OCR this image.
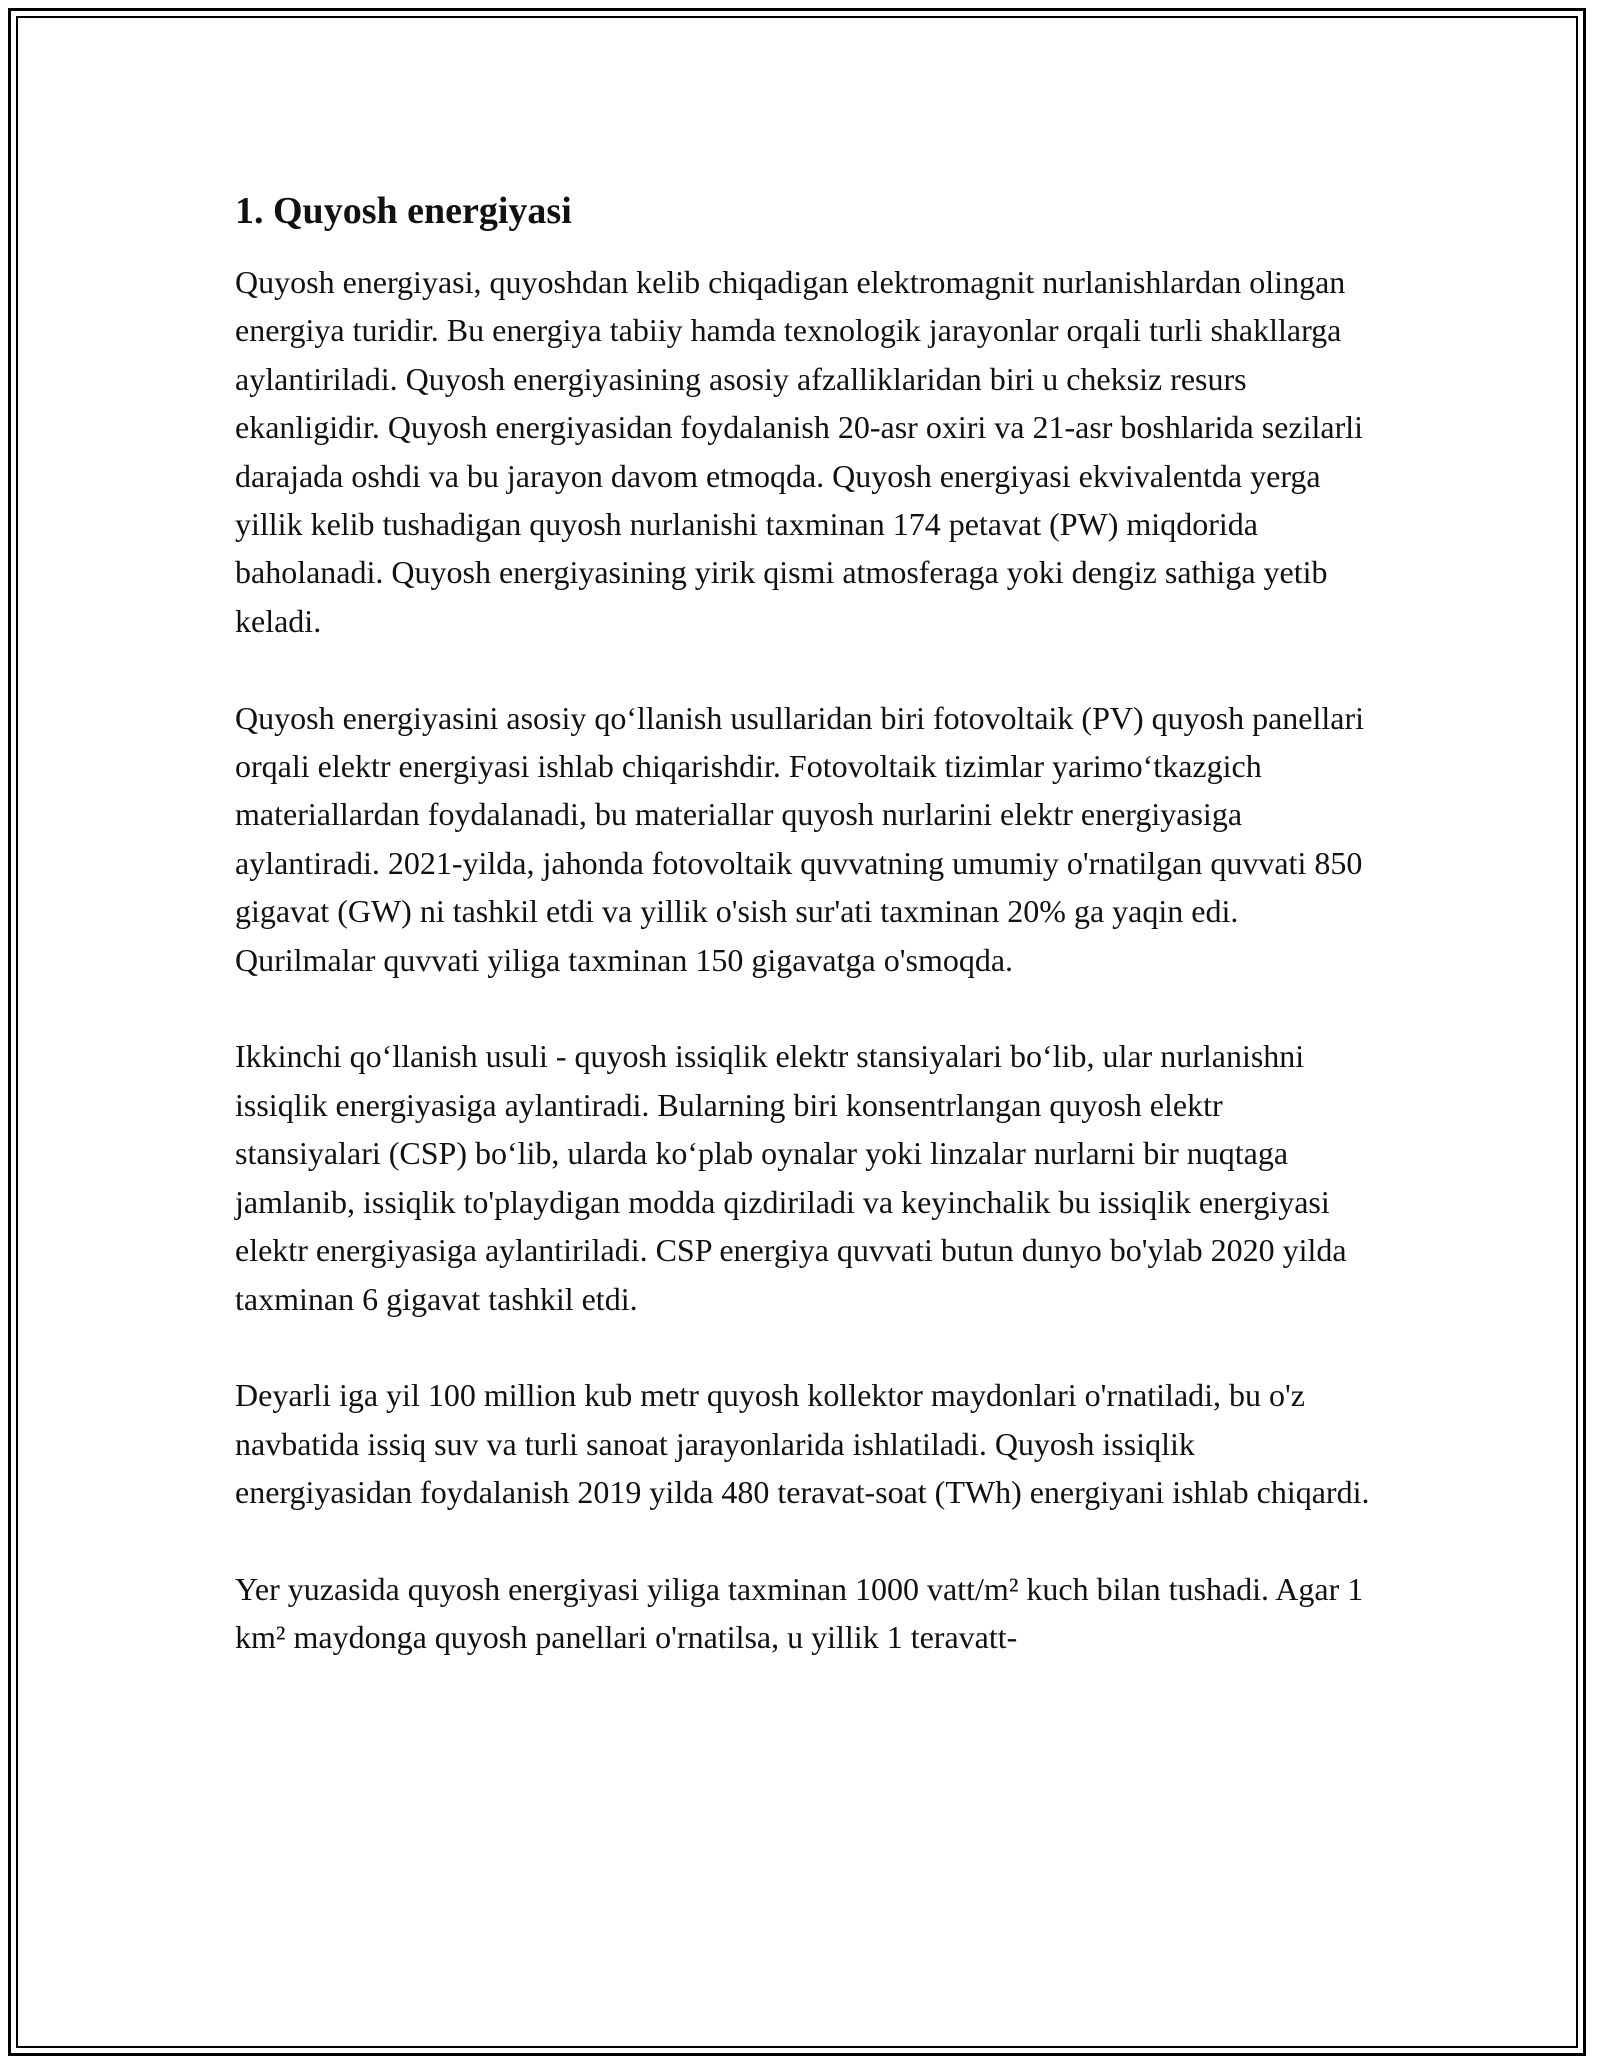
1. Quyosh energiyasi

Quyosh energiyasi, quyoshdan kelib chiqadigan elektromagnit nurlanishlardan olingan energiya turidir. Bu energiya tabiiy hamda texnologik jarayonlar orqali turli shakllarga aylantiriladi. Quyosh energiyasining asosiy afzalliklaridan biri u cheksiz resurs ekanligidir. Quyosh energiyasidan foydalanish 20-asr oxiri va 21-asr boshlarida sezilarli darajada oshdi va bu jarayon davom etmoqda. Quyosh energiyasi ekvivalentda yerga yillik kelib tushadigan quyosh nurlanishi taxminan 174 petavat (PW) miqdorida baholanadi. Quyosh energiyasining yirik qismi atmosferaga yoki dengiz sathiga yetib keladi.

Quyosh energiyasini asosiy qoʻllanish usullaridan biri fotovoltaik (PV) quyosh panellari orqali elektr energiyasi ishlab chiqarishdir. Fotovoltaik tizimlar yarimoʻtkazgich materiallardan foydalanadi, bu materiallar quyosh nurlarini elektr energiyasiga aylantiradi. 2021-yilda, jahonda fotovoltaik quvvatning umumiy o'rnatilgan quvvati 850 gigavat (GW) ni tashkil etdi va yillik o'sish sur'ati taxminan 20% ga yaqin edi. Qurilmalar quvvati yiliga taxminan 150 gigavatga o'smoqda.

Ikkinchi qoʻllanish usuli - quyosh issiqlik elektr stansiyalari boʻlib, ular nurlanishni issiqlik energiyasiga aylantiradi. Bularning biri konsentrlangan quyosh elektr stansiyalari (CSP) boʻlib, ularda koʻplab oynalar yoki linzalar nurlarni bir nuqtaga jamlanib, issiqlik to'playdigan modda qizdiriladi va keyinchalik bu issiqlik energiyasi elektr energiyasiga aylantiriladi. CSP energiya quvvati butun dunyo bo'ylab 2020 yilda taxminan 6 gigavat tashkil etdi.

Deyarli iga yil 100 million kub metr quyosh kollektor maydonlari o'rnatiladi, bu o'z navbatida issiq suv va turli sanoat jarayonlarida ishlatiladi. Quyosh issiqlik energiyasidan foydalanish 2019 yilda 480 teravat-soat (TWh) energiyani ishlab chiqardi.

Yer yuzasida quyosh energiyasi yiliga taxminan 1000 vatt/m² kuch bilan tushadi. Agar 1 km² maydonga quyosh panellari o'rnatilsa, u yillik 1 teravatt-
